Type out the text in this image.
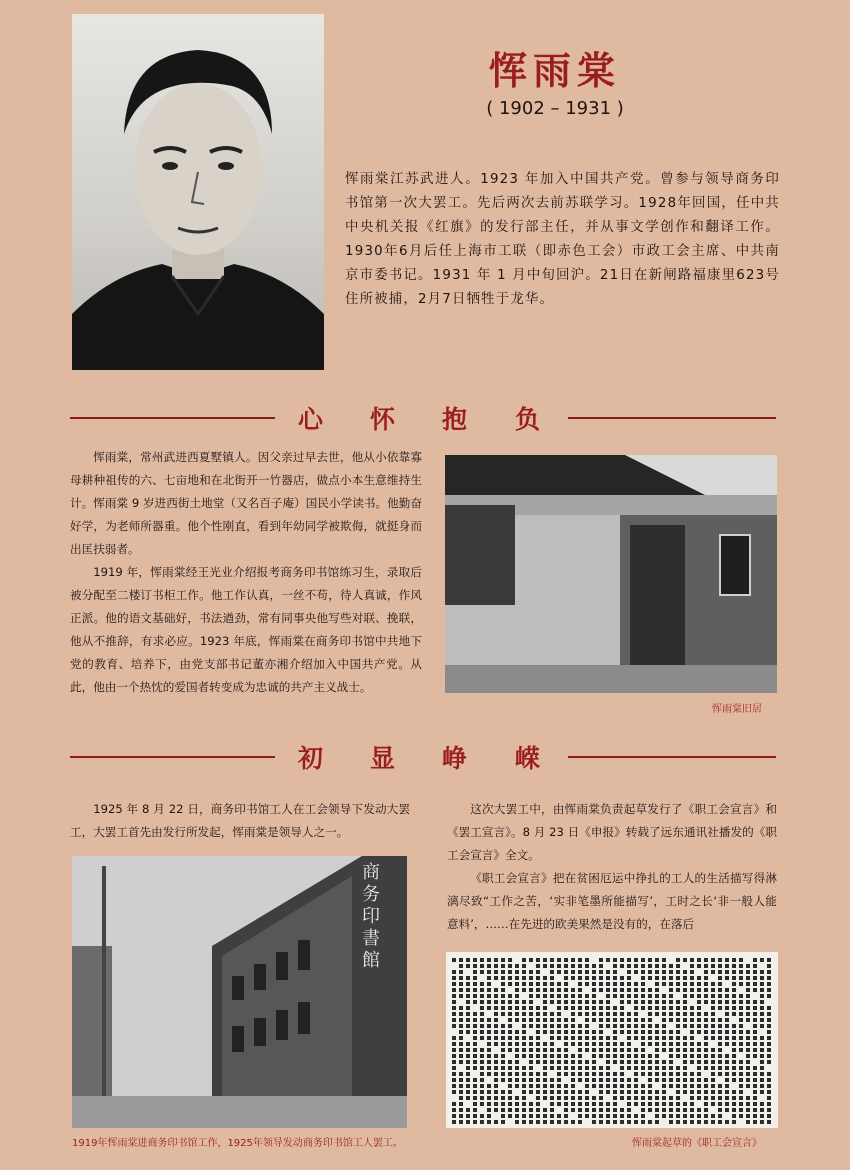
恽雨棠
( 1902 – 1931 )
恽雨棠江苏武进人。1923 年加入中国共产党。曾参与领导商务印书馆第一次大罢工。先后两次去前苏联学习。1928年回国，任中共中央机关报《红旗》的发行部主任，并从事文学创作和翻译工作。1930年6月后任上海市工联（即赤色工会）市政工会主席、中共南京市委书记。1931 年 1 月中旬回沪。21日在新闸路福康里623号住所被捕，2月7日牺牲于龙华。
心 怀 抱 负

恽雨棠，常州武进西夏墅镇人。因父亲过早去世，他从小依靠寡母耕种祖传的六、七亩地和在北街开一竹器店，做点小本生意维持生计。恽雨棠 9 岁进西街土地堂（又名百子庵）国民小学读书。他勤奋好学，为老师所器重。他个性刚直，看到年幼同学被欺侮，就挺身而出匡扶弱者。

1919 年，恽雨棠经王光业介绍报考商务印书馆练习生，录取后被分配至二楼订书柜工作。他工作认真，一丝不苟，待人真诚，作风正派。他的语文基础好，书法遒劲，常有同事央他写些对联、挽联，他从不推辞，有求必应。1923 年底，恽雨棠在商务印书馆中共地下党的教育、培养下，由党支部书记董亦湘介绍加入中国共产党。从此，他由一个热忱的爱国者转变成为忠诚的共产主义战士。

恽雨棠旧居
初 显 峥 嵘

1925 年 8 月 22 日，商务印书馆工人在工会领导下发动大罢工，大罢工首先由发行所发起，恽雨棠是领导人之一。

这次大罢工中，由恽雨棠负责起草发行了《职工会宣言》和《罢工宣言》。8 月 23 日《申报》转载了远东通讯社播发的《职工会宣言》全文。

《职工会宣言》把在贫困厄运中挣扎的工人的生活描写得淋漓尽致“工作之苦，‘实非笔墨所能描写’，工时之长‘非一般人能意料’，……在先进的欧美果然是没有的，在落后

商务印書館
1919年恽雨棠进商务印书馆工作，1925年领导发动商务印书馆工人罢工。	恽雨棠起草的《职工会宣言》
